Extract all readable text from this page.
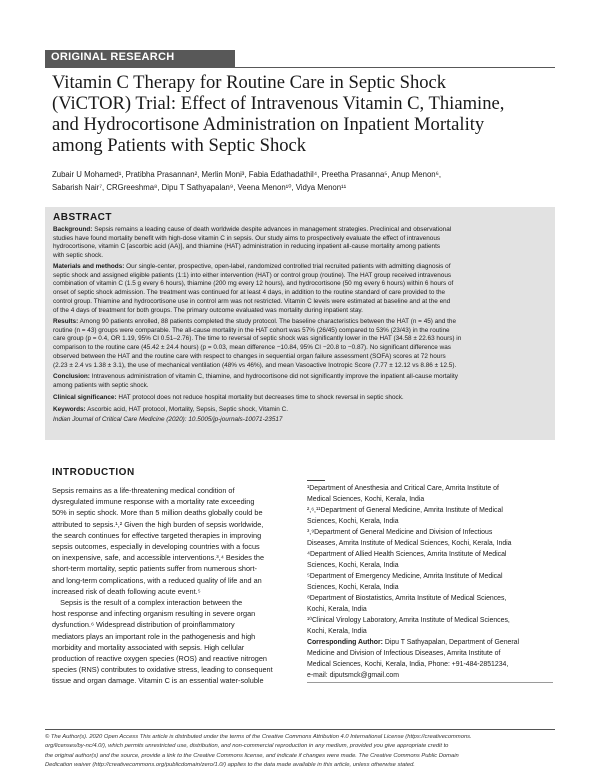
ORIGINAL RESEARCH
Vitamin C Therapy for Routine Care in Septic Shock
(ViCTOR) Trial: Effect of Intravenous Vitamin C, Thiamine,
and Hydrocortisone Administration on Inpatient Mortality
among Patients with Septic Shock
Zubair U Mohamed¹, Pratibha Prasannan², Merlin Moni³, Fabia Edathadathil⁴, Preetha Prasanna⁵, Anup Menon⁶,
Sabarish Nair⁷, CRGreeshma⁸, Dipu T Sathyapalan⁹, Veena Menon¹⁰, Vidya Menon¹¹
ABSTRACT
Background: Sepsis remains a leading cause of death worldwide despite advances in management strategies. Preclinical and observational
studies have found mortality benefit with high-dose vitamin C in sepsis. Our study aims to prospectively evaluate the effect of intravenous
hydrocortisone, vitamin C [ascorbic acid (AA)], and thiamine (HAT) administration in reducing inpatient all-cause mortality among patients
with septic shock.
Materials and methods: Our single-center, prospective, open-label, randomized controlled trial recruited patients with admitting diagnosis of
septic shock and assigned eligible patients (1:1) into either intervention (HAT) or control group (routine). The HAT group received intravenous
combination of vitamin C (1.5 g every 6 hours), thiamine (200 mg every 12 hours), and hydrocortisone (50 mg every 6 hours) within 6 hours of
onset of septic shock admission. The treatment was continued for at least 4 days, in addition to the routine standard of care provided to the
control group. Thiamine and hydrocortisone use in control arm was not restricted. Vitamin C levels were estimated at baseline and at the end
of the 4 days of treatment for both groups. The primary outcome evaluated was mortality during inpatient stay.
Results: Among 90 patients enrolled, 88 patients completed the study protocol. The baseline characteristics between the HAT (n = 45) and the
routine (n = 43) groups were comparable. The all-cause mortality in the HAT cohort was 57% (26/45) compared to 53% (23/43) in the routine
care group (p = 0.4, OR 1.19, 95% CI 0.51–2.76). The time to reversal of septic shock was significantly lower in the HAT (34.58 ± 22.63 hours) in
comparison to the routine care (45.42 ± 24.4 hours) (p = 0.03, mean difference −10.84, 95% CI −20.8 to −0.87). No significant difference was
observed between the HAT and the routine care with respect to changes in sequential organ failure assessment (SOFA) scores at 72 hours
(2.23 ± 2.4 vs 1.38 ± 3.1), the use of mechanical ventilation (48% vs 46%), and mean Vasoactive Inotropic Score (7.77 ± 12.12 vs 8.86 ± 12.5).
Conclusion: Intravenous administration of vitamin C, thiamine, and hydrocortisone did not significantly improve the inpatient all-cause mortality
among patients with septic shock.
Clinical significance: HAT protocol does not reduce hospital mortality but decreases time to shock reversal in septic shock.
Keywords: Ascorbic acid, HAT protocol, Mortality, Sepsis, Septic shock, Vitamin C.
Indian Journal of Critical Care Medicine (2020): 10.5005/jp-journals-10071-23517
INTRODUCTION
Sepsis remains as a life-threatening medical condition of
dysregulated immune response with a mortality rate exceeding
50% in septic shock. More than 5 million deaths globally could be
attributed to sepsis.¹,² Given the high burden of sepsis worldwide,
the search continues for effective targeted therapies in improving
sepsis outcomes, especially in developing countries with a focus
on inexpensive, safe, and accessible interventions.³,⁴ Besides the
short-term mortality, septic patients suffer from numerous short-
and long-term complications, with a reduced quality of life and an
increased risk of death following acute event.⁵
Sepsis is the result of a complex interaction between the
host response and infecting organism resulting in severe organ
dysfunction.⁶ Widespread distribution of proinflammatory
mediators plays an important role in the pathogenesis and high
morbidity and mortality associated with sepsis. High cellular
production of reactive oxygen species (ROS) and reactive nitrogen
species (RNS) contributes to oxidative stress, leading to consequent
tissue and organ damage. Vitamin C is an essential water-soluble
¹Department of Anesthesia and Critical Care, Amrita Institute of
Medical Sciences, Kochi, Kerala, India
²,⁶,¹¹Department of General Medicine, Amrita Institute of Medical
Sciences, Kochi, Kerala, India
³,⁹Department of General Medicine and Division of Infectious
Diseases, Amrita Institute of Medical Sciences, Kochi, Kerala, India
⁴Department of Allied Health Sciences, Amrita Institute of Medical
Sciences, Kochi, Kerala, India
⁵Department of Emergency Medicine, Amrita Institute of Medical
Sciences, Kochi, Kerala, India
⁸Department of Biostatistics, Amrita Institute of Medical Sciences,
Kochi, Kerala, India
¹⁰Clinical Virology Laboratory, Amrita Institute of Medical Sciences,
Kochi, Kerala, India
Corresponding Author: Dipu T Sathyapalan, Department of General
Medicine and Division of Infectious Diseases, Amrita Institute of
Medical Sciences, Kochi, Kerala, India, Phone: +91-484-2851234,
e-mail: diputsmck@gmail.com
© The Author(s). 2020 Open Access This article is distributed under the terms of the Creative Commons Attribution 4.0 International License (https://creativecommons.
org/licenses/by-nc/4.0/), which permits unrestricted use, distribution, and non-commercial reproduction in any medium, provided you give appropriate credit to
the original author(s) and the source, provide a link to the Creative Commons license, and indicate if changes were made. The Creative Commons Public Domain
Dedication waiver (http://creativecommons.org/publicdomain/zero/1.0/) applies to the data made available in this article, unless otherwise stated.
